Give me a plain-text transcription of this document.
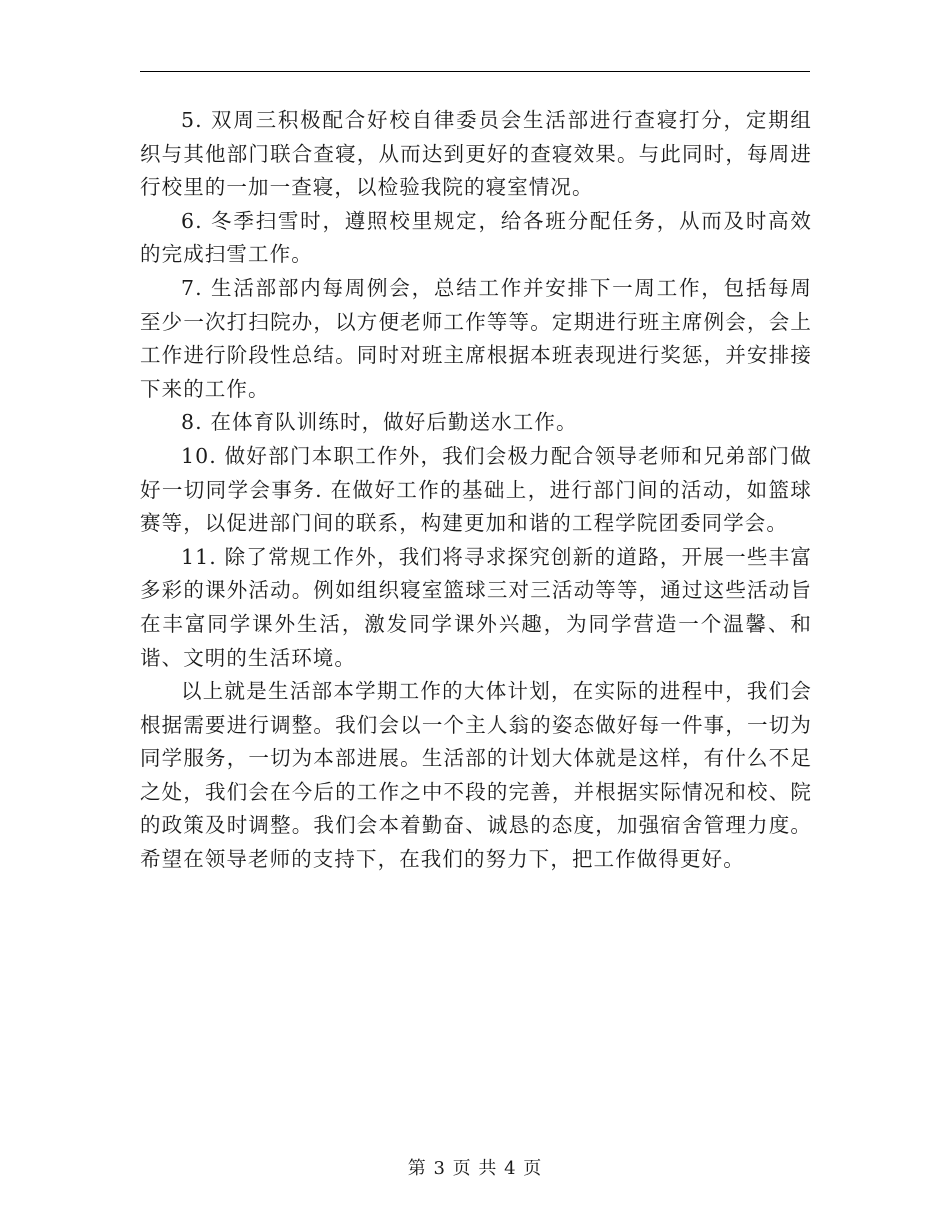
5. 双周三积极配合好校自律委员会生活部进行查寝打分，定期组织与其他部门联合查寝，从而达到更好的查寝效果。与此同时，每周进行校里的一加一查寝，以检验我院的寝室情况。

6. 冬季扫雪时，遵照校里规定，给各班分配任务，从而及时高效的完成扫雪工作。

7. 生活部部内每周例会，总结工作并安排下一周工作，包括每周至少一次打扫院办，以方便老师工作等等。定期进行班主席例会，会上工作进行阶段性总结。同时对班主席根据本班表现进行奖惩，并安排接下来的工作。

8. 在体育队训练时，做好后勤送水工作。

10. 做好部门本职工作外，我们会极力配合领导老师和兄弟部门做好一切同学会事务. 在做好工作的基础上，进行部门间的活动，如篮球赛等，以促进部门间的联系，构建更加和谐的工程学院团委同学会。

11. 除了常规工作外，我们将寻求探究创新的道路，开展一些丰富多彩的课外活动。例如组织寝室篮球三对三活动等等，通过这些活动旨在丰富同学课外生活，激发同学课外兴趣，为同学营造一个温馨、和谐、文明的生活环境。

以上就是生活部本学期工作的大体计划，在实际的进程中，我们会根据需要进行调整。我们会以一个主人翁的姿态做好每一件事，一切为同学服务，一切为本部进展。生活部的计划大体就是这样，有什么不足之处，我们会在今后的工作之中不段的完善，并根据实际情况和校、院的政策及时调整。我们会本着勤奋、诚恳的态度，加强宿舍管理力度。希望在领导老师的支持下，在我们的努力下，把工作做得更好。

第 3 页 共 4 页
